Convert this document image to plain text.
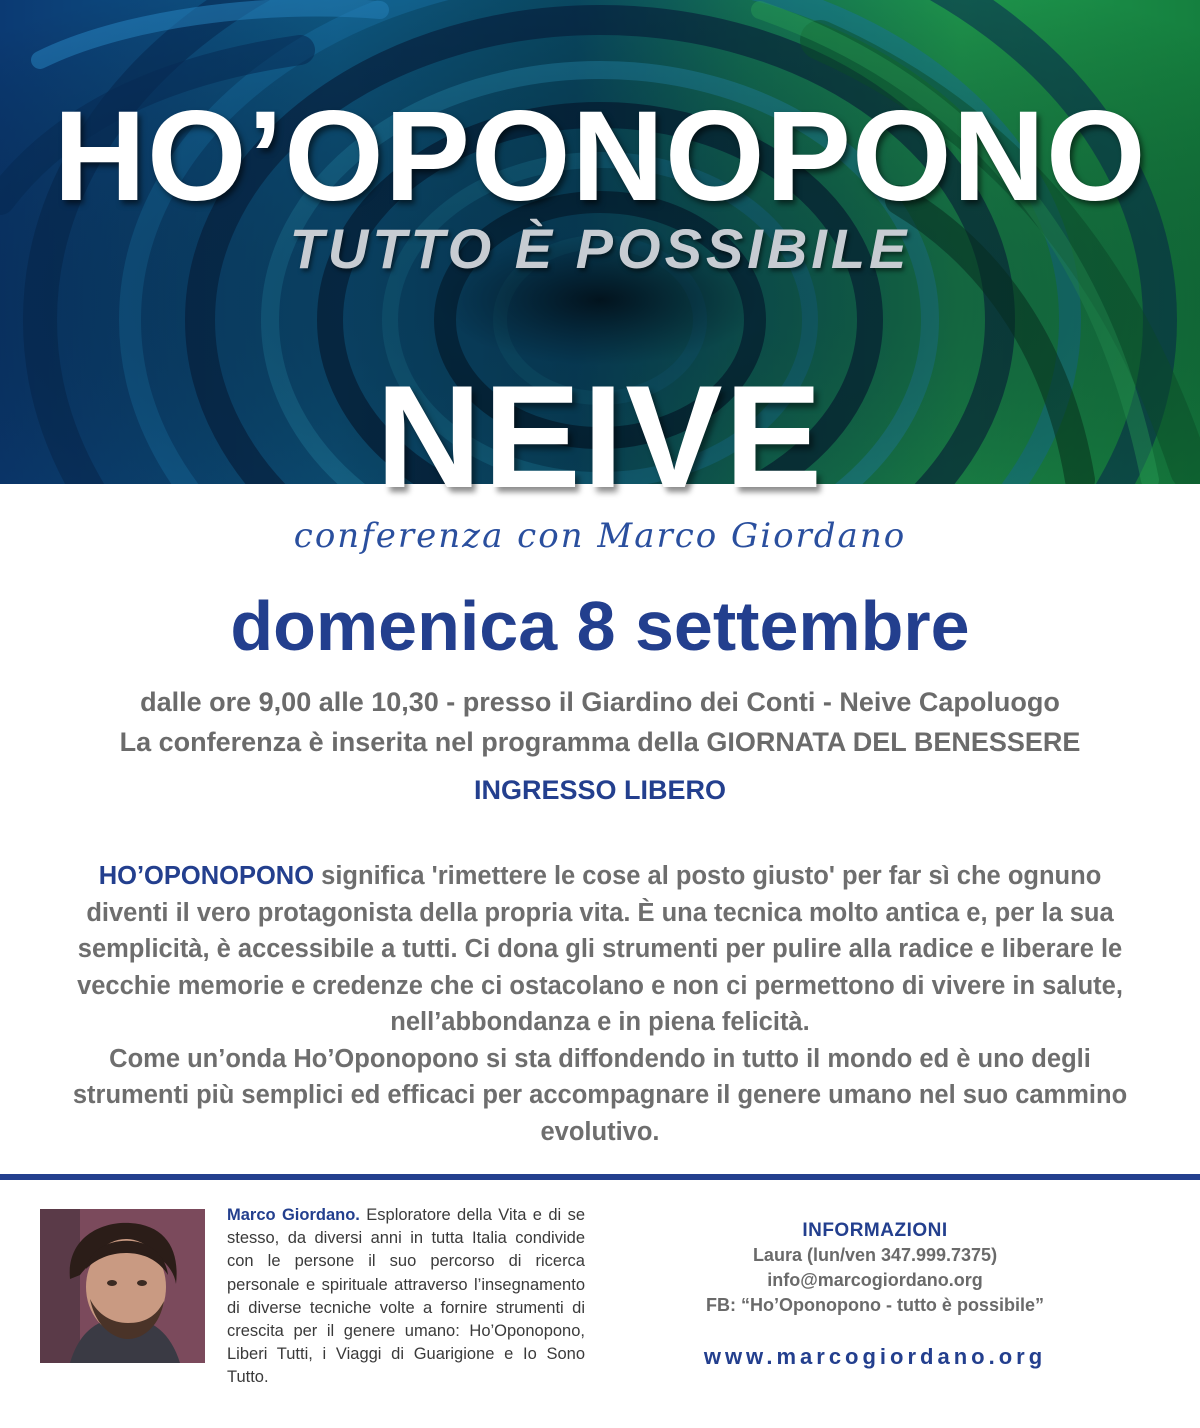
HO’OPONOPONO
TUTTO È POSSIBILE
NEIVE
conferenza con Marco Giordano
domenica 8 settembre
dalle ore 9,00 alle 10,30 - presso il Giardino dei Conti - Neive Capoluogo
La conferenza è inserita nel programma della GIORNATA DEL BENESSERE
INGRESSO LIBERO
HO’OPONOPONO significa 'rimettere le cose al posto giusto' per far sì che ognuno diventi il vero protagonista della propria vita. È una tecnica molto antica e, per la sua semplicità, è accessibile a tutti. Ci dona gli strumenti per pulire alla radice e liberare le vecchie memorie e credenze che ci ostacolano e non ci permettono di vivere in salute, nell’abbondanza e in piena felicità.
Come un’onda Ho’Oponopono si sta diffondendo in tutto il mondo ed è uno degli strumenti più semplici ed efficaci per accompagnare il genere umano nel suo cammino evolutivo.
Marco Giordano. Esploratore della Vita e di se stesso, da diversi anni in tutta Italia condivide con le persone il suo percorso di ricerca personale e spirituale attraverso l’insegnamento di diverse tecniche volte a fornire strumenti di crescita per il genere umano: Ho’Oponopono, Liberi Tutti, i Viaggi di Guarigione e Io Sono Tutto.
INFORMAZIONI
Laura (lun/ven 347.999.7375)
info@marcogiordano.org
FB: “Ho’Oponopono - tutto è possibile”
www.marcogiordano.org
